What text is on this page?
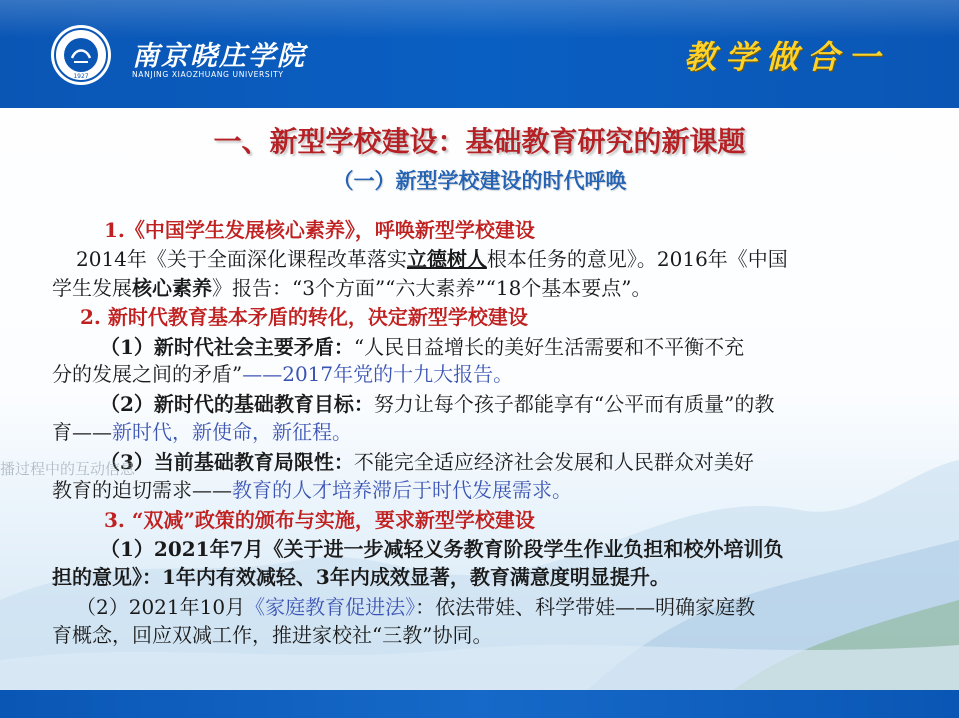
1927
南京晓庄学院
NANJING XIAOZHUANG UNIVERSITY	教学做合一
一、新型学校建设：基础教育研究的新课题
（一）新型学校建设的时代呼唤
1.《中国学生发展核心素养》，呼唤新型学校建设
2014年《关于全面深化课程改革落实立德树人根本任务的意见》。2016年《中国
学生发展核心素养》报告：“3个方面”“六大素养”“18个基本要点”。
2. 新时代教育基本矛盾的转化，决定新型学校建设
（1）新时代社会主要矛盾：“人民日益增长的美好生活需要和不平衡不充
分的发展之间的矛盾”——2017年党的十九大报告。
（2）新时代的基础教育目标：努力让每个孩子都能享有“公平而有质量”的教
育——新时代，新使命，新征程。
（3）当前基础教育局限性：不能完全适应经济社会发展和人民群众对美好
教育的迫切需求——教育的人才培养滞后于时代发展需求。
播过程中的互动信息
3. “双减”政策的颁布与实施，要求新型学校建设
（1）2021年7月《关于进一步减轻义务教育阶段学生作业负担和校外培训负
担的意见》：1年内有效减轻、3年内成效显著，教育满意度明显提升。
（2）2021年10月《家庭教育促进法》：依法带娃、科学带娃——明确家庭教
育概念，回应双减工作，推进家校社“三教”协同。
